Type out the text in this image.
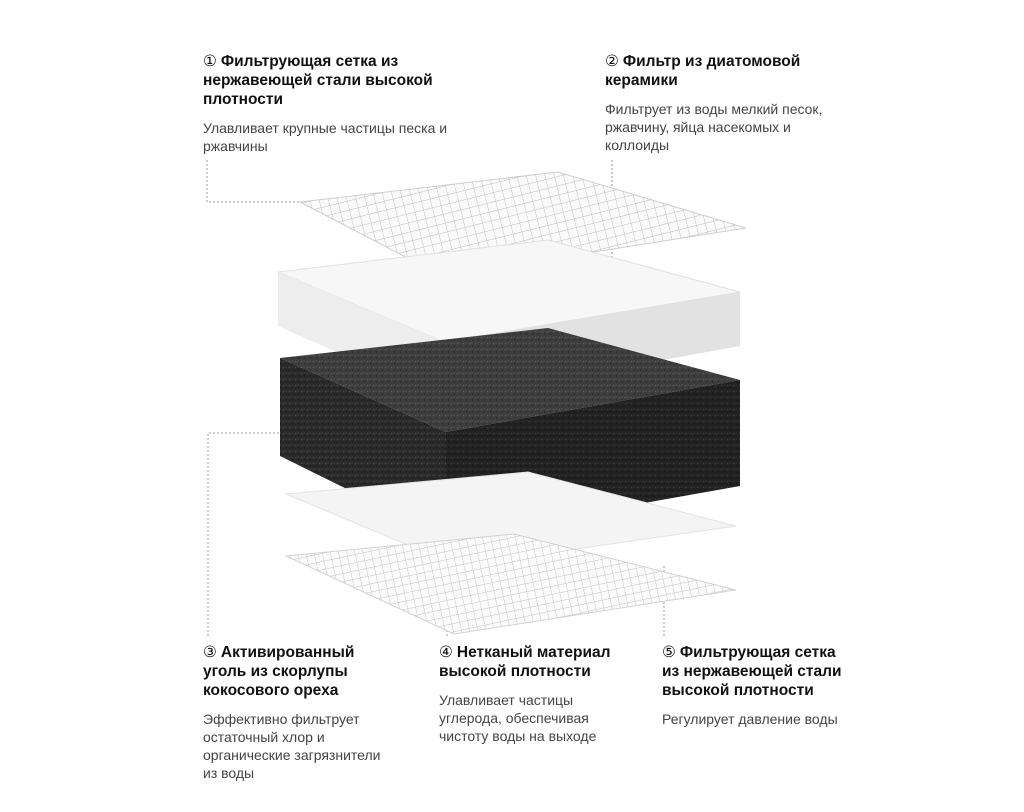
① Фильтрующая сетка из нержавеющей стали высокой плотности
Улавливает крупные частицы песка и ржавчины
② Фильтр из диатомовой керамики
Фильтрует из воды мелкий песок, ржавчину, яйца насекомых и коллоиды
③ Активированный уголь из скорлупы кокосового ореха
Эффективно фильтрует остаточный хлор и органические загрязнители из воды
④ Нетканый материал высокой плотности
Улавливает частицы углерода, обеспечивая чистоту воды на выходе
⑤ Фильтрующая сетка из нержавеющей стали высокой плотности
Регулирует давление воды
